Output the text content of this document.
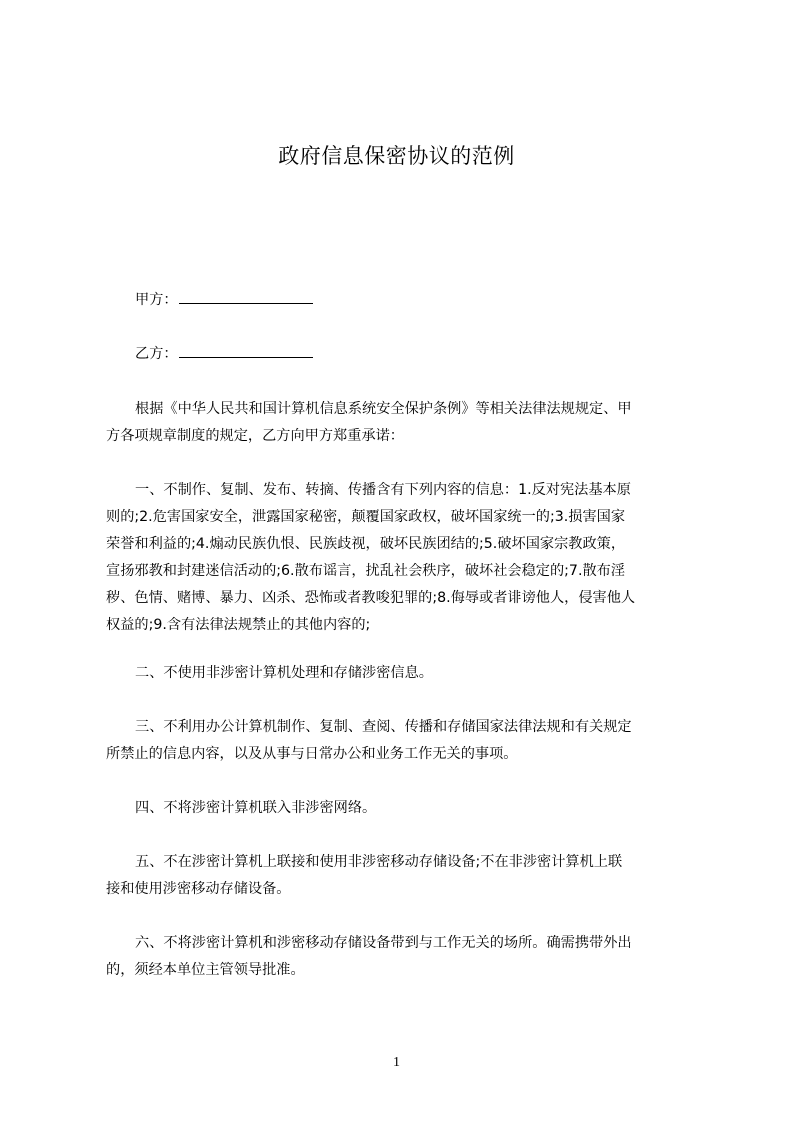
政府信息保密协议的范例
甲方：
乙方：
根据《中华人民共和国计算机信息系统安全保护条例》等相关法律法规规定、甲
方各项规章制度的规定，乙方向甲方郑重承诺：
一、不制作、复制、发布、转摘、传播含有下列内容的信息：1.反对宪法基本原
则的;2.危害国家安全，泄露国家秘密，颠覆国家政权，破坏国家统一的;3.损害国家
荣誉和利益的;4.煽动民族仇恨、民族歧视，破坏民族团结的;5.破坏国家宗教政策，
宣扬邪教和封建迷信活动的;6.散布谣言，扰乱社会秩序，破坏社会稳定的;7.散布淫
秽、色情、赌博、暴力、凶杀、恐怖或者教唆犯罪的;8.侮辱或者诽谤他人，侵害他人
权益的;9.含有法律法规禁止的其他内容的;
二、不使用非涉密计算机处理和存储涉密信息。
三、不利用办公计算机制作、复制、查阅、传播和存储国家法律法规和有关规定
所禁止的信息内容，以及从事与日常办公和业务工作无关的事项。
四、不将涉密计算机联入非涉密网络。
五、不在涉密计算机上联接和使用非涉密移动存储设备;不在非涉密计算机上联
接和使用涉密移动存储设备。
六、不将涉密计算机和涉密移动存储设备带到与工作无关的场所。确需携带外出
的，须经本单位主管领导批准。
1
